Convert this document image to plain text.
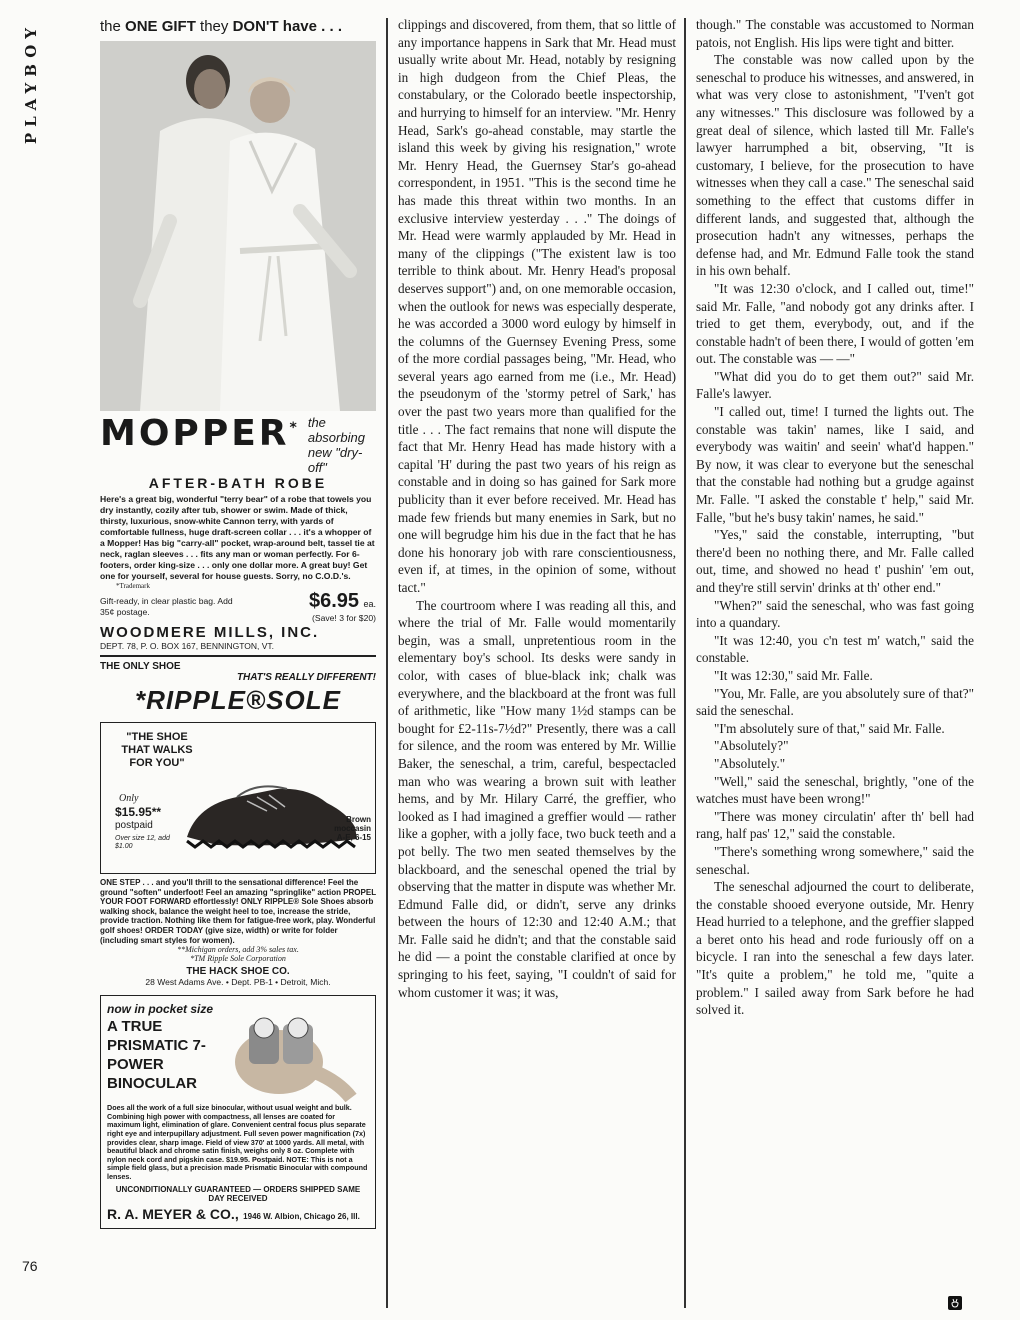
PLAYBOY
76
the ONE GIFT they DON'T have . . .
MOPPER* the absorbing new "dry-off"
AFTER-BATH ROBE
Here's a great big, wonderful "terry bear" of a robe that towels you dry instantly, cozily after tub, shower or swim. Made of thick, thirsty, luxurious, snow-white Cannon terry, with yards of comfortable fullness, huge draft-screen collar . . . it's a whopper of a Mopper! Has big "carry-all" pocket, wrap-around belt, tassel tie at neck, raglan sleeves . . . fits any man or woman perfectly. For 6-footers, order king-size . . . only one dollar more. A great buy! Get one for yourself, several for house guests. Sorry, no C.O.D.'s.
*Trademark
Gift-ready, in clear plastic bag. Add 35¢ postage.	$6.95 ea.
(Save! 3 for $20)
WOODMERE MILLS, INC.
DEPT. 78, P. O. BOX 167, BENNINGTON, VT.
THE ONLY SHOE
THAT'S REALLY DIFFERENT!
*RIPPLE®SOLE
"THE SHOE THAT WALKS FOR YOU"
Only
$15.95**
postpaid
Over size 12, add $1.00
Brown moccasin A-E, 6-15
ONE STEP . . . and you'll thrill to the sensational difference! Feel the ground "soften" underfoot! Feel an amazing "springlike" action PROPEL YOUR FOOT FORWARD effortlessly! ONLY RIPPLE® Sole Shoes absorb walking shock, balance the weight heel to toe, increase the stride, provide traction. Nothing like them for fatigue-free work, play. Wonderful golf shoes! ORDER TODAY (give size, width) or write for folder (including smart styles for women).
**Michigan orders, add 3% sales tax.
*TM Ripple Sole Corporation
THE HACK SHOE CO.
28 West Adams Ave. • Dept. PB-1 • Detroit, Mich.
now in pocket size
A TRUE PRISMATIC 7-POWER BINOCULAR
Does all the work of a full size binocular, without usual weight and bulk. Combining high power with compactness, all lenses are coated for maximum light, elimination of glare. Convenient central focus plus separate right eye and interpupillary adjustment. Full seven power magnification (7x) provides clear, sharp image. Field of view 370' at 1000 yards. All metal, with beautiful black and chrome satin finish, weighs only 8 oz. Complete with nylon neck cord and pigskin case. $19.95. Postpaid. NOTE: This is not a simple field glass, but a precision made Prismatic Binocular with compound lenses.
UNCONDITIONALLY GUARANTEED — ORDERS SHIPPED SAME DAY RECEIVED
R. A. MEYER & CO., 1946 W. Albion, Chicago 26, Ill.

clippings and discovered, from them, that so little of any importance happens in Sark that Mr. Head must usually write about Mr. Head, notably by resigning in high dudgeon from the Chief Pleas, the constabulary, or the Colorado beetle inspectorship, and hurrying to himself for an interview. "Mr. Henry Head, Sark's go-ahead constable, may startle the island this week by giving his resignation," wrote Mr. Henry Head, the Guernsey Star's go-ahead correspondent, in 1951. "This is the second time he has made this threat within two months. In an exclusive interview yesterday . . ." The doings of Mr. Head were warmly applauded by Mr. Head in many of the clippings ("The existent law is too terrible to think about. Mr. Henry Head's proposal deserves support") and, on one memorable occasion, when the outlook for news was especially desperate, he was accorded a 3000 word eulogy by himself in the columns of the Guernsey Evening Press, some of the more cordial passages being, "Mr. Head, who several years ago earned from me (i.e., Mr. Head) the pseudonym of the 'stormy petrel of Sark,' has over the past two years more than qualified for the title . . . The fact remains that none will dispute the fact that Mr. Henry Head has made history with a capital 'H' during the past two years of his reign as constable and in doing so has gained for Sark more publicity than it ever before received. Mr. Head has made few friends but many enemies in Sark, but no one will begrudge him his due in the fact that he has done his honorary job with rare conscientiousness, even if, at times, in the opinion of some, without tact."

The courtroom where I was reading all this, and where the trial of Mr. Falle would momentarily begin, was a small, unpretentious room in the elementary boy's school. Its desks were sandy in color, with cases of blue-black ink; chalk was everywhere, and the blackboard at the front was full of arithmetic, like "How many 1½d stamps can be bought for £2-11s-7½d?" Presently, there was a call for silence, and the room was entered by Mr. Willie Baker, the seneschal, a trim, careful, bespectacled man who was wearing a brown suit with leather hems, and by Mr. Hilary Carré, the greffier, who looked as I had imagined a greffier would — rather like a gopher, with a jolly face, two buck teeth and a pot belly. The two men seated themselves by the blackboard, and the seneschal opened the trial by observing that the matter in dispute was whether Mr. Edmund Falle did, or didn't, serve any drinks between the hours of 12:30 and 12:40 A.M.; that Mr. Falle said he didn't; and that the constable said he did — a point the constable clarified at once by springing to his feet, saying, "I couldn't of said for whom customer it was; it was,

though." The constable was accustomed to Norman patois, not English. His lips were tight and bitter.

The constable was now called upon by the seneschal to produce his witnesses, and answered, in what was very close to astonishment, "I'ven't got any witnesses." This disclosure was followed by a great deal of silence, which lasted till Mr. Falle's lawyer harrumphed a bit, observing, "It is customary, I believe, for the prosecution to have witnesses when they call a case." The seneschal said something to the effect that customs differ in different lands, and suggested that, although the prosecution hadn't any witnesses, perhaps the defense had, and Mr. Edmund Falle took the stand in his own behalf.

"It was 12:30 o'clock, and I called out, time!" said Mr. Falle, "and nobody got any drinks after. I tried to get them, everybody, out, and if the constable hadn't of been there, I would of gotten 'em out. The constable was — —"

"What did you do to get them out?" said Mr. Falle's lawyer.

"I called out, time! I turned the lights out. The constable was takin' names, like I said, and everybody was waitin' and seein' what'd happen." By now, it was clear to everyone but the seneschal that the constable had nothing but a grudge against Mr. Falle. "I asked the constable t' help," said Mr. Falle, "but he's busy takin' names, he said."

"Yes," said the constable, interrupting, "but there'd been no nothing there, and Mr. Falle called out, time, and showed no head t' pushin' 'em out, and they're still servin' drinks at th' other end."

"When?" said the seneschal, who was fast going into a quandary.

"It was 12:40, you c'n test m' watch," said the constable.

"It was 12:30," said Mr. Falle.

"You, Mr. Falle, are you absolutely sure of that?" said the seneschal.

"I'm absolutely sure of that," said Mr. Falle.

"Absolutely?"

"Absolutely."

"Well," said the seneschal, brightly, "one of the watches must have been wrong!"

"There was money circulatin' after th' bell had rang, half pas' 12," said the constable.

"There's something wrong somewhere," said the seneschal.

The seneschal adjourned the court to deliberate, the constable shooed everyone outside, Mr. Henry Head hurried to a telephone, and the greffier slapped a beret onto his head and rode furiously off on a bicycle. I ran into the seneschal a few days later. "It's quite a problem," he told me, "quite a problem." I sailed away from Sark before he had solved it.
